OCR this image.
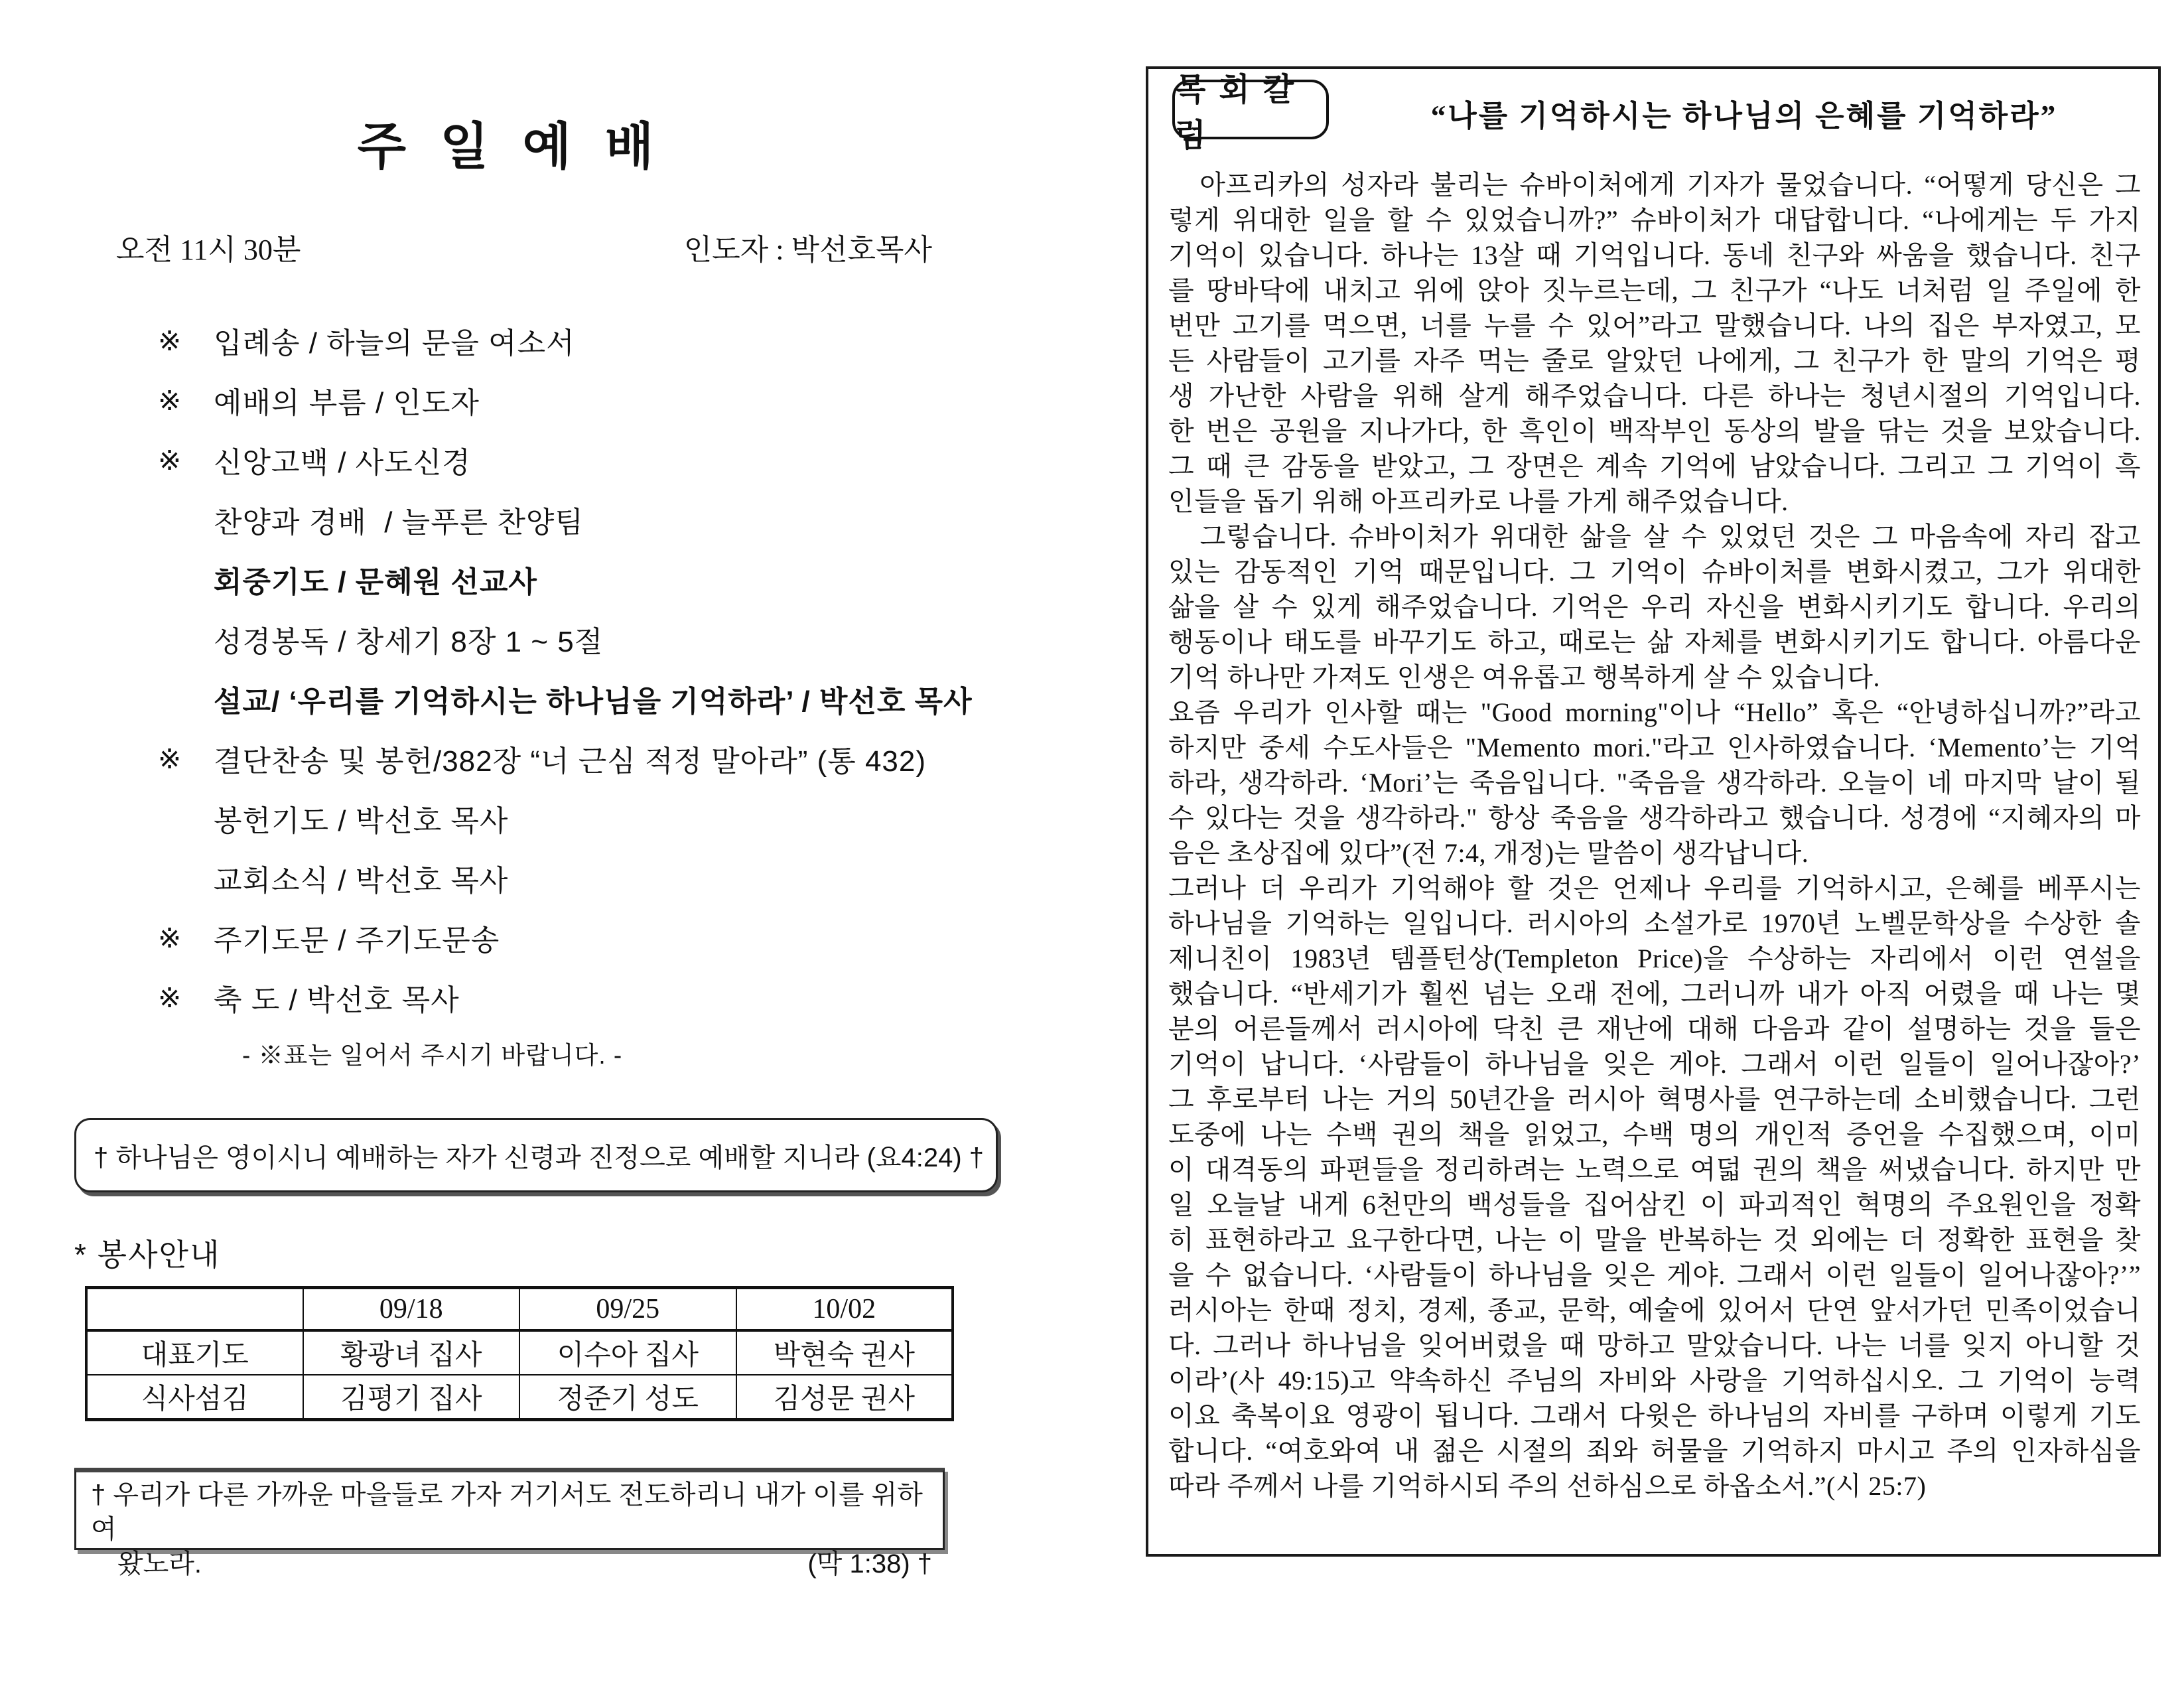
주 일 예 배
오전 11시 30분	인도자 : 박선호목사
※	입례송 / 하늘의 문을 여소서
※	예배의 부름 / 인도자
※	신앙고백 / 사도신경
찬양과 경배  / 늘푸른 찬양팀
회중기도 / 문혜원 선교사
성경봉독 / 창세기 8장 1 ~ 5절
설교/ ‘우리를 기억하시는 하나님을 기억하라’ / 박선호 목사
※	결단찬송 및 봉헌/382장 “너 근심 적정 말아라” (통 432)
봉헌기도 / 박선호 목사
교회소식 / 박선호 목사
※	주기도문 / 주기도문송
※	축 도 / 박선호 목사
- ※표는 일어서 주시기 바랍니다. -
† 하나님은 영이시니 예배하는 자가 신령과 진정으로 예배할 지니라 (요4:24) †
* 봉사안내
	09/18	09/25	10/02
대표기도	황광녀 집사	이수아 집사	박현숙 권사
식사섬김	김평기 집사	정준기 성도	김성문 권사
† 우리가 다른 가까운 마을들로 가자 거기서도 전도하리니 내가 이를 위하여
왔노라.	(막 1:38) †
목 회 칼 럼
“나를 기억하시는 하나님의 은혜를 기억하라”
　아프리카의 성자라 불리는 슈바이처에게 기자가 물었습니다. “어떻게 당신은 그
렇게 위대한 일을 할 수 있었습니까?” 슈바이처가 대답합니다. “나에게는 두 가지
기억이 있습니다. 하나는 13살 때 기억입니다. 동네 친구와 싸움을 했습니다. 친구
를 땅바닥에 내치고 위에 앉아 짓누르는데, 그 친구가 “나도 너처럼 일 주일에 한
번만 고기를 먹으면, 너를 누를 수 있어”라고 말했습니다. 나의 집은 부자였고, 모
든 사람들이 고기를 자주 먹는 줄로 알았던 나에게, 그 친구가 한 말의 기억은 평
생 가난한 사람을 위해 살게 해주었습니다. 다른 하나는 청년시절의 기억입니다.
한 번은 공원을 지나가다, 한 흑인이 백작부인 동상의 발을 닦는 것을 보았습니다.
그 때 큰 감동을 받았고, 그 장면은 계속 기억에 남았습니다. 그리고 그 기억이 흑
인들을 돕기 위해 아프리카로 나를 가게 해주었습니다.
　그렇습니다. 슈바이처가 위대한 삶을 살 수 있었던 것은 그 마음속에 자리 잡고
있는 감동적인 기억 때문입니다. 그 기억이 슈바이처를 변화시켰고, 그가 위대한
삶을 살 수 있게 해주었습니다. 기억은 우리 자신을 변화시키기도 합니다. 우리의
행동이나 태도를 바꾸기도 하고, 때로는 삶 자체를 변화시키기도 합니다. 아름다운
기억 하나만 가져도 인생은 여유롭고 행복하게 살 수 있습니다.
요즘 우리가 인사할 때는 "Good morning"이나 “Hello” 혹은 “안녕하십니까?”라고
하지만 중세 수도사들은 "Memento mori."라고 인사하였습니다. ‘Memento’는 기억
하라, 생각하라. ‘Mori’는 죽음입니다. "죽음을 생각하라. 오늘이 네 마지막 날이 될
수 있다는 것을 생각하라." 항상 죽음을 생각하라고 했습니다. 성경에 “지혜자의 마
음은 초상집에 있다”(전 7:4, 개정)는 말씀이 생각납니다.
그러나 더 우리가 기억해야 할 것은 언제나 우리를 기억하시고, 은혜를 베푸시는
하나님을 기억하는 일입니다. 러시아의 소설가로 1970년 노벨문학상을 수상한 솔
제니친이 1983년 템플턴상(Templeton Price)을 수상하는 자리에서 이런 연설을
했습니다. “반세기가 훨씬 넘는 오래 전에, 그러니까 내가 아직 어렸을 때 나는 몇
분의 어른들께서 러시아에 닥친 큰 재난에 대해 다음과 같이 설명하는 것을 들은
기억이 납니다. ‘사람들이 하나님을 잊은 게야. 그래서 이런 일들이 일어나잖아?’
그 후로부터 나는 거의 50년간을 러시아 혁명사를 연구하는데 소비했습니다. 그런
도중에 나는 수백 권의 책을 읽었고, 수백 명의 개인적 증언을 수집했으며, 이미
이 대격동의 파편들을 정리하려는 노력으로 여덟 권의 책을 써냈습니다. 하지만 만
일 오늘날 내게 6천만의 백성들을 집어삼킨 이 파괴적인 혁명의 주요원인을 정확
히 표현하라고 요구한다면, 나는 이 말을 반복하는 것 외에는 더 정확한 표현을 찾
을 수 없습니다. ‘사람들이 하나님을 잊은 게야. 그래서 이런 일들이 일어나잖아?’”
러시아는 한때 정치, 경제, 종교, 문학, 예술에 있어서 단연 앞서가던 민족이었습니
다. 그러나 하나님을 잊어버렸을 때 망하고 말았습니다. 나는 너를 잊지 아니할 것
이라’(사 49:15)고 약속하신 주님의 자비와 사랑을 기억하십시오. 그 기억이 능력
이요 축복이요 영광이 됩니다. 그래서 다윗은 하나님의 자비를 구하며 이렇게 기도
합니다. “여호와여 내 젊은 시절의 죄와 허물을 기억하지 마시고 주의 인자하심을
따라 주께서 나를 기억하시되 주의 선하심으로 하옵소서.”(시 25:7)
